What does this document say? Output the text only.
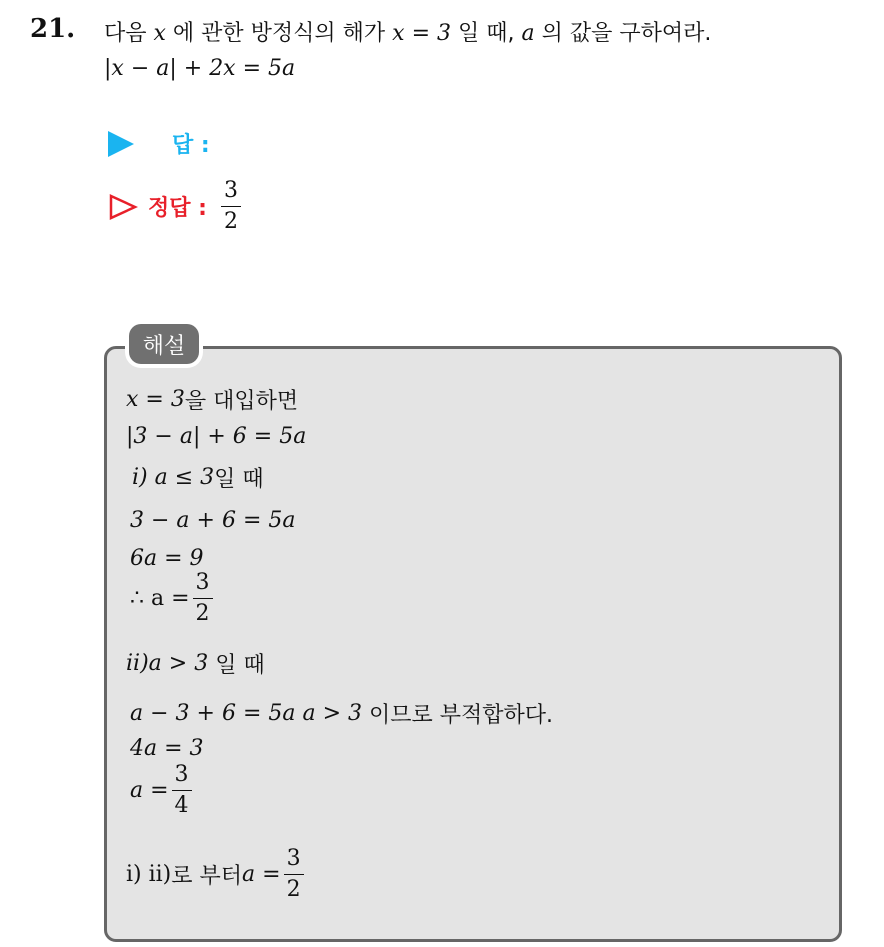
21. 다음 x 에 관한 방정식의 해가 x = 3 일 때, a 의 값을 구하여라.
|x − a| + 2x = 5a
답 :
정답 : $\frac{3}{2}$
해설
x = 3 을 대입하면
|3 − a| + 6 = 5a
i)
a ≤ 3 일 때
3 − a + 6 = 5a
6a = 9
∴ $a = \frac{3}{2}$
ii) a > 3
일 때
a − 3 + 6 = 5a a > 3
이므로 부적합하다.
4a = 3
$a = \frac{3}{4}$
i) ii) 로 부터 $a = \frac{3}{2}$
